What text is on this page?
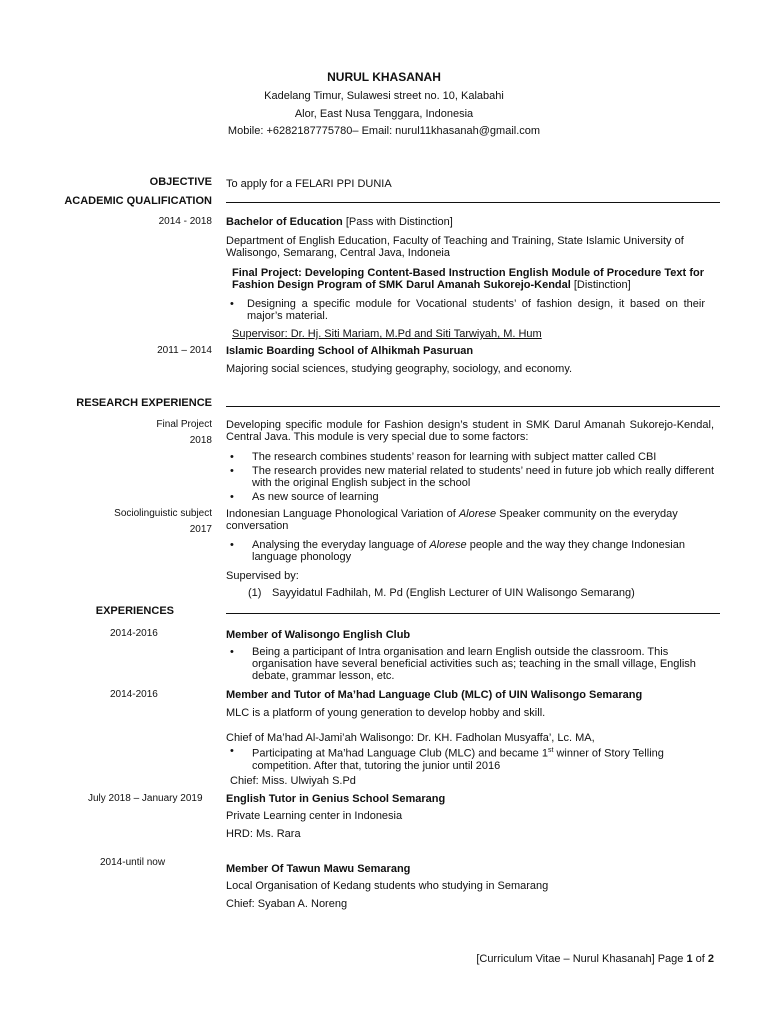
NURUL KHASANAH
Kadelang Timur, Sulawesi street no. 10, Kalabahi
Alor, East Nusa Tenggara, Indonesia
Mobile: +6282187775780– Email: nurul11khasanah@gmail.com
OBJECTIVE To apply for a FELARI PPI DUNIA
ACADEMIC QUALIFICATION
2014 - 2018 Bachelor of Education [Pass with Distinction]
Department of English Education, Faculty of Teaching and Training, State Islamic University of Walisongo, Semarang, Central Java, Indoneia
Final Project: Developing Content-Based Instruction English Module of Procedure Text for Fashion Design Program of SMK Darul Amanah Sukorejo-Kendal [Distinction]
• Designing a specific module for Vocational students’ of fashion design, it based on their major’s material.
Supervisor: Dr. Hj. Siti Mariam, M.Pd and Siti Tarwiyah, M. Hum
2011 – 2014 Islamic Boarding School of Alhikmah Pasuruan
Majoring social sciences, studying geography, sociology, and economy.
RESEARCH EXPERIENCE
Final Project
2018
Developing specific module for Fashion design’s student in SMK Darul Amanah Sukorejo-Kendal, Central Java. This module is very special due to some factors:
• The research combines students’ reason for learning with subject matter called CBI
• The research provides new material related to students’ need in future job which really different with the original English subject in the school
• As new source of learning
Sociolinguistic subject
2017
Indonesian Language Phonological Variation of Alorese Speaker community on the everyday conversation
• Analysing the everyday language of Alorese people and the way they change Indonesian language phonology
Supervised by:
(1) Sayyidatul Fadhilah, M. Pd (English Lecturer of UIN Walisongo Semarang)
EXPERIENCES
2014-2016	Member of Walisongo English Club
• Being a participant of Intra organisation and learn English outside the classroom. This organisation have several beneficial activities such as; teaching in the small village, English debate, grammar lesson, etc.
2014-2016	Member and Tutor of Ma’had Language Club (MLC) of UIN Walisongo Semarang
MLC is a platform of young generation to develop hobby and skill.
Chief of Ma’had Al-Jami’ah Walisongo: Dr. KH. Fadholan Musyaffa’, Lc. MA,
• Participating at Ma’had Language Club (MLC) and became 1st winner of Story Telling competition. After that, tutoring the junior until 2016
Chief: Miss. Ulwiyah S.Pd
July 2018 – January 2019 English Tutor in Genius School Semarang
Private Learning center in Indonesia
HRD: Ms. Rara
2014-until now
Member Of Tawun Mawu Semarang
Local Organisation of Kedang students who studying in Semarang
Chief: Syaban A. Noreng
[Curriculum Vitae – Nurul Khasanah] Page 1 of 2
